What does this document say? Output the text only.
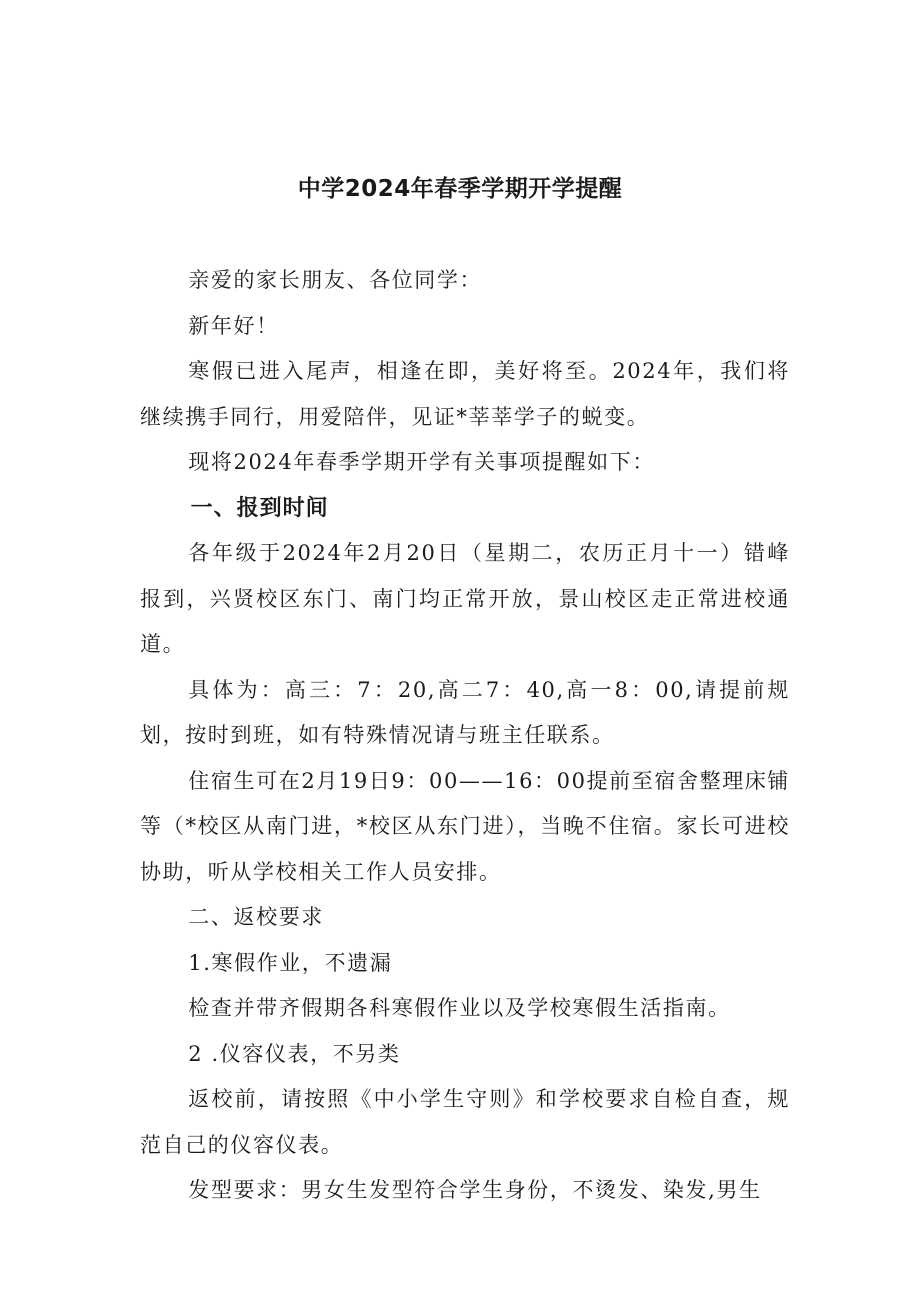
中学2024年春季学期开学提醒

亲爱的家长朋友、各位同学：

新年好！

寒假已进入尾声，相逢在即，美好将至。2024年，我们将继续携手同行，用爱陪伴，见证*莘莘学子的蜕变。

现将2024年春季学期开学有关事项提醒如下：

一、报到时间

各年级于2024年2月20日（星期二，农历正月十一）错峰报到，兴贤校区东门、南门均正常开放，景山校区走正常进校通道。

具体为：高三：7：20,高二7：40,高一8：00,请提前规划，按时到班，如有特殊情况请与班主任联系。

住宿生可在2月19日9：00——16：00提前至宿舍整理床铺等（*校区从南门进，*校区从东门进），当晚不住宿。家长可进校协助，听从学校相关工作人员安排。

二、返校要求

1.寒假作业，不遗漏

检查并带齐假期各科寒假作业以及学校寒假生活指南。

2 .仪容仪表，不另类

返校前，请按照《中小学生守则》和学校要求自检自查，规范自己的仪容仪表。

发型要求：男女生发型符合学生身份，不烫发、染发,男生
